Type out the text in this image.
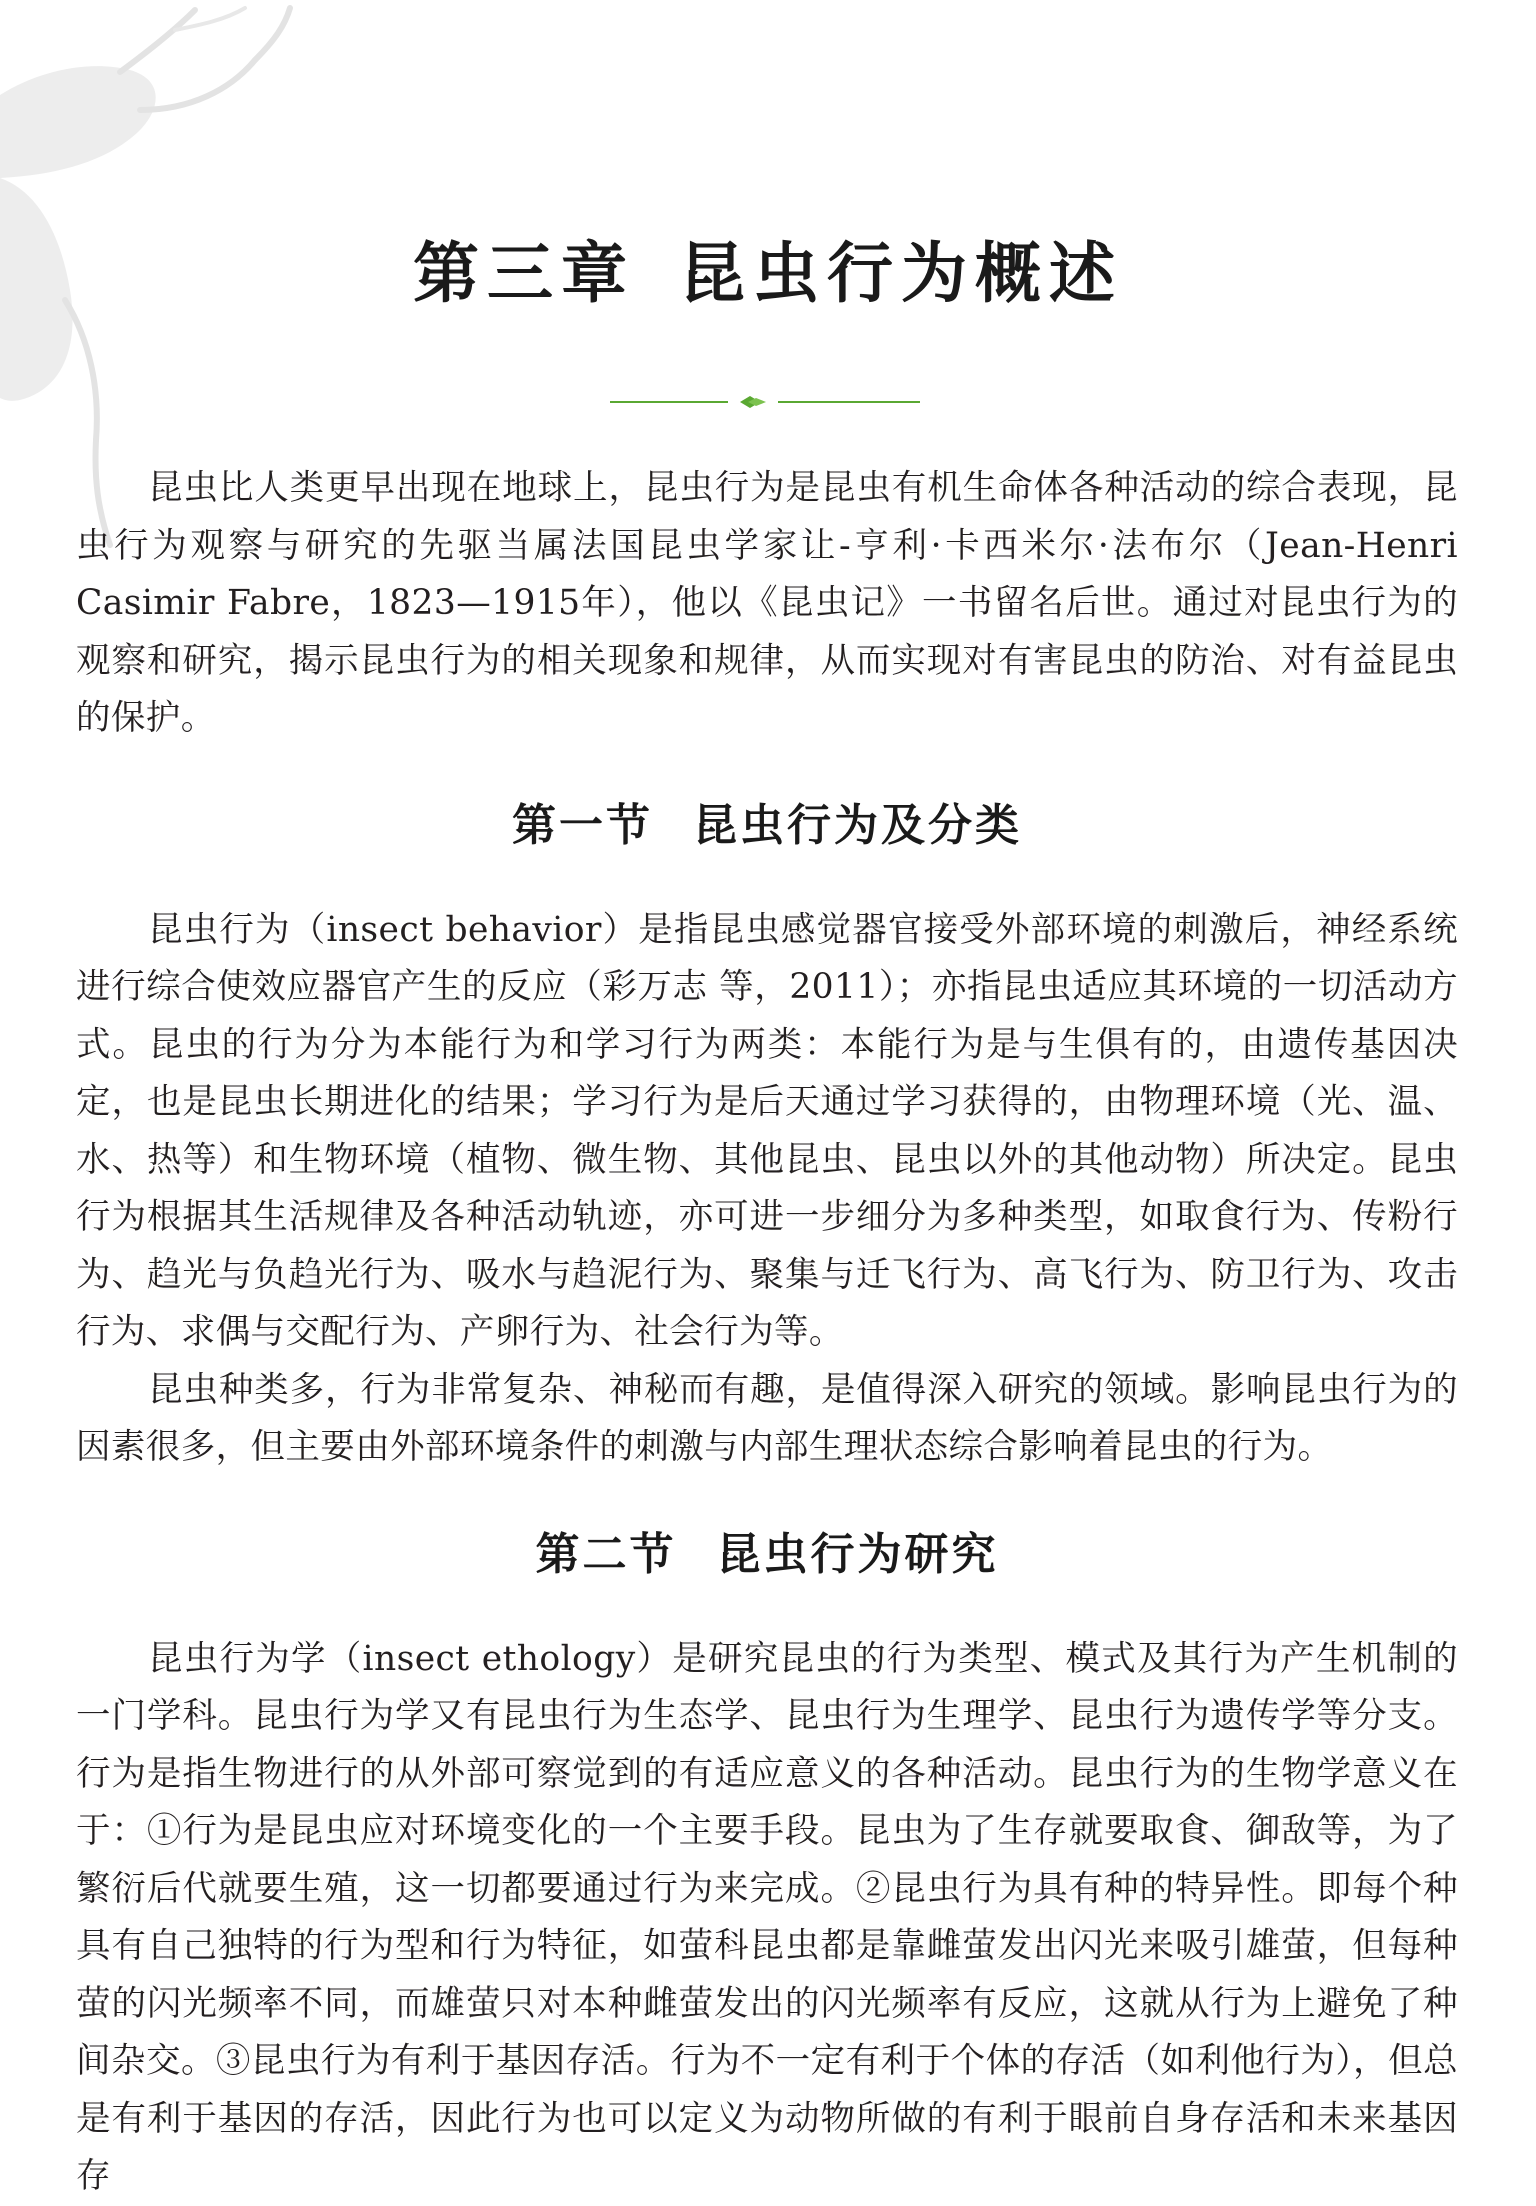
第三章 昆虫行为概述

昆虫比人类更早出现在地球上，昆虫行为是昆虫有机生命体各种活动的综合表现，昆虫行为观察与研究的先驱当属法国昆虫学家让-亨利·卡西米尔·法布尔（Jean-Henri Casimir Fabre，1823—1915年），他以《昆虫记》一书留名后世。通过对昆虫行为的观察和研究，揭示昆虫行为的相关现象和规律，从而实现对有害昆虫的防治、对有益昆虫的保护。

第一节 昆虫行为及分类

昆虫行为（insect behavior）是指昆虫感觉器官接受外部环境的刺激后，神经系统进行综合使效应器官产生的反应（彩万志 等，2011）；亦指昆虫适应其环境的一切活动方式。昆虫的行为分为本能行为和学习行为两类：本能行为是与生俱有的，由遗传基因决定，也是昆虫长期进化的结果；学习行为是后天通过学习获得的，由物理环境（光、温、水、热等）和生物环境（植物、微生物、其他昆虫、昆虫以外的其他动物）所决定。昆虫行为根据其生活规律及各种活动轨迹，亦可进一步细分为多种类型，如取食行为、传粉行为、趋光与负趋光行为、吸水与趋泥行为、聚集与迁飞行为、高飞行为、防卫行为、攻击行为、求偶与交配行为、产卵行为、社会行为等。

昆虫种类多，行为非常复杂、神秘而有趣，是值得深入研究的领域。影响昆虫行为的因素很多，但主要由外部环境条件的刺激与内部生理状态综合影响着昆虫的行为。

第二节 昆虫行为研究

昆虫行为学（insect ethology）是研究昆虫的行为类型、模式及其行为产生机制的一门学科。昆虫行为学又有昆虫行为生态学、昆虫行为生理学、昆虫行为遗传学等分支。行为是指生物进行的从外部可察觉到的有适应意义的各种活动。昆虫行为的生物学意义在于：①行为是昆虫应对环境变化的一个主要手段。昆虫为了生存就要取食、御敌等，为了繁衍后代就要生殖，这一切都要通过行为来完成。②昆虫行为具有种的特异性。即每个种具有自己独特的行为型和行为特征，如萤科昆虫都是靠雌萤发出闪光来吸引雄萤，但每种萤的闪光频率不同，而雄萤只对本种雌萤发出的闪光频率有反应，这就从行为上避免了种间杂交。③昆虫行为有利于基因存活。行为不一定有利于个体的存活（如利他行为），但总是有利于基因的存活，因此行为也可以定义为动物所做的有利于眼前自身存活和未来基因存
